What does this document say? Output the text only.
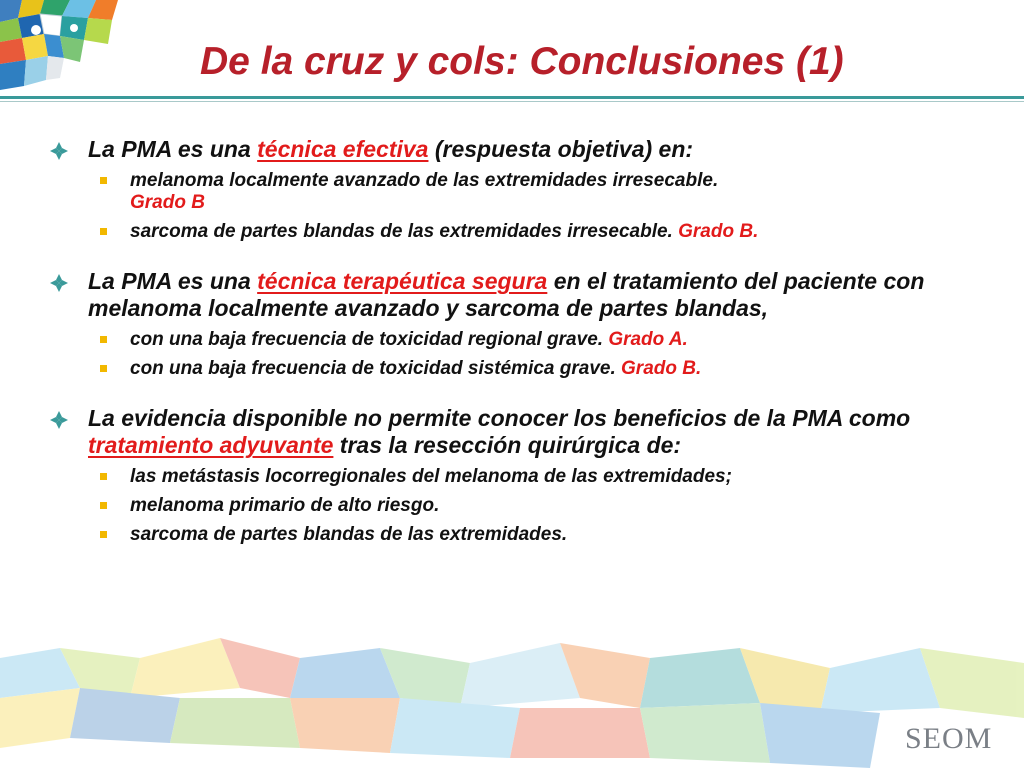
De la cruz y cols: Conclusiones (1)
La PMA es una técnica efectiva (respuesta objetiva) en:
melanoma localmente avanzado de las extremidades irresecable.
Grado B
sarcoma de partes blandas de las extremidades irresecable. Grado B.
La PMA es una técnica terapéutica segura en el tratamiento del paciente con melanoma localmente avanzado y sarcoma de partes blandas,
con una baja frecuencia de toxicidad regional grave. Grado A.
con una baja frecuencia de toxicidad sistémica grave. Grado B.
La evidencia disponible no permite conocer los beneficios de la PMA como tratamiento adyuvante tras la resección quirúrgica de:
las metástasis locorregionales del melanoma de las extremidades;
melanoma primario de alto riesgo.
sarcoma de partes blandas de las extremidades.
SEOM
